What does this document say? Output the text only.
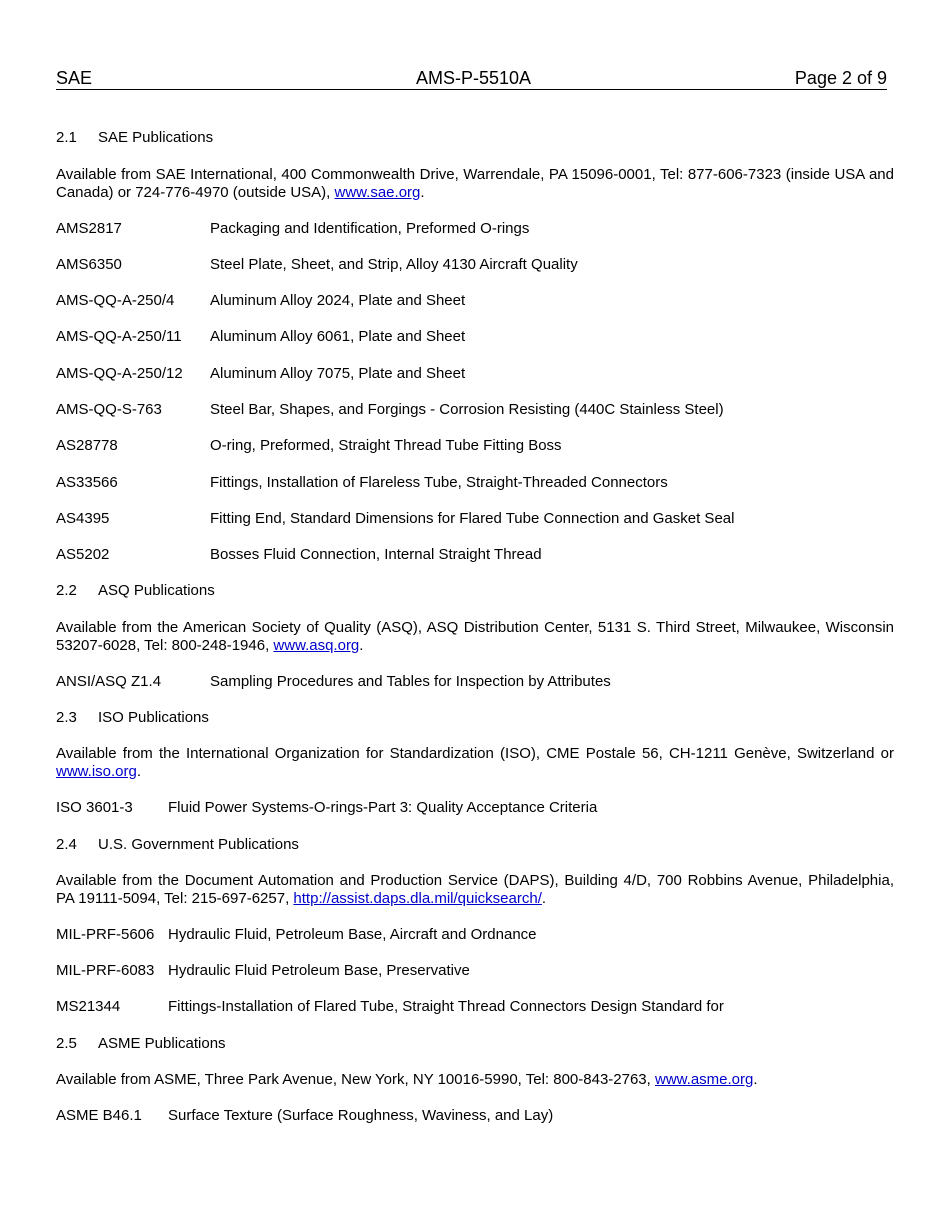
SAE	AMS-P-5510A	Page 2 of 9
2.1 SAE Publications
Available from SAE International, 400 Commonwealth Drive, Warrendale, PA 15096-0001, Tel: 877-606-7323 (inside USA and Canada) or 724-776-4970 (outside USA), www.sae.org.
AMS2817	Packaging and Identification, Preformed O-rings
AMS6350	Steel Plate, Sheet, and Strip, Alloy 4130 Aircraft Quality
AMS-QQ-A-250/4 Aluminum Alloy 2024, Plate and Sheet
AMS-QQ-A-250/11 Aluminum Alloy 6061, Plate and Sheet
AMS-QQ-A-250/12 Aluminum Alloy 7075, Plate and Sheet
AMS-QQ-S-763	Steel Bar, Shapes, and Forgings - Corrosion Resisting (440C Stainless Steel)
AS28778	O-ring, Preformed, Straight Thread Tube Fitting Boss
AS33566	Fittings, Installation of Flareless Tube, Straight-Threaded Connectors
AS4395	Fitting End, Standard Dimensions for Flared Tube Connection and Gasket Seal
AS5202	Bosses Fluid Connection, Internal Straight Thread
2.2 ASQ Publications
Available from the American Society of Quality (ASQ), ASQ Distribution Center, 5131 S. Third Street, Milwaukee, Wisconsin 53207-6028, Tel: 800-248-1946, www.asq.org.
ANSI/ASQ Z1.4	Sampling Procedures and Tables for Inspection by Attributes
2.3 ISO Publications
Available from the International Organization for Standardization (ISO), CME Postale 56, CH-1211 Genève, Switzerland or www.iso.org.
ISO 3601-3 Fluid Power Systems-O-rings-Part 3: Quality Acceptance Criteria
2.4 U.S. Government Publications
Available from the Document Automation and Production Service (DAPS), Building 4/D, 700 Robbins Avenue, Philadelphia, PA 19111-5094, Tel: 215-697-6257, http://assist.daps.dla.mil/quicksearch/.
MIL-PRF-5606 Hydraulic Fluid, Petroleum Base, Aircraft and Ordnance
MIL-PRF-6083 Hydraulic Fluid Petroleum Base, Preservative
MS21344	Fittings-Installation of Flared Tube, Straight Thread Connectors Design Standard for
2.5 ASME Publications
Available from ASME, Three Park Avenue, New York, NY 10016-5990, Tel: 800-843-2763, www.asme.org.
ASME B46.1 Surface Texture (Surface Roughness, Waviness, and Lay)
